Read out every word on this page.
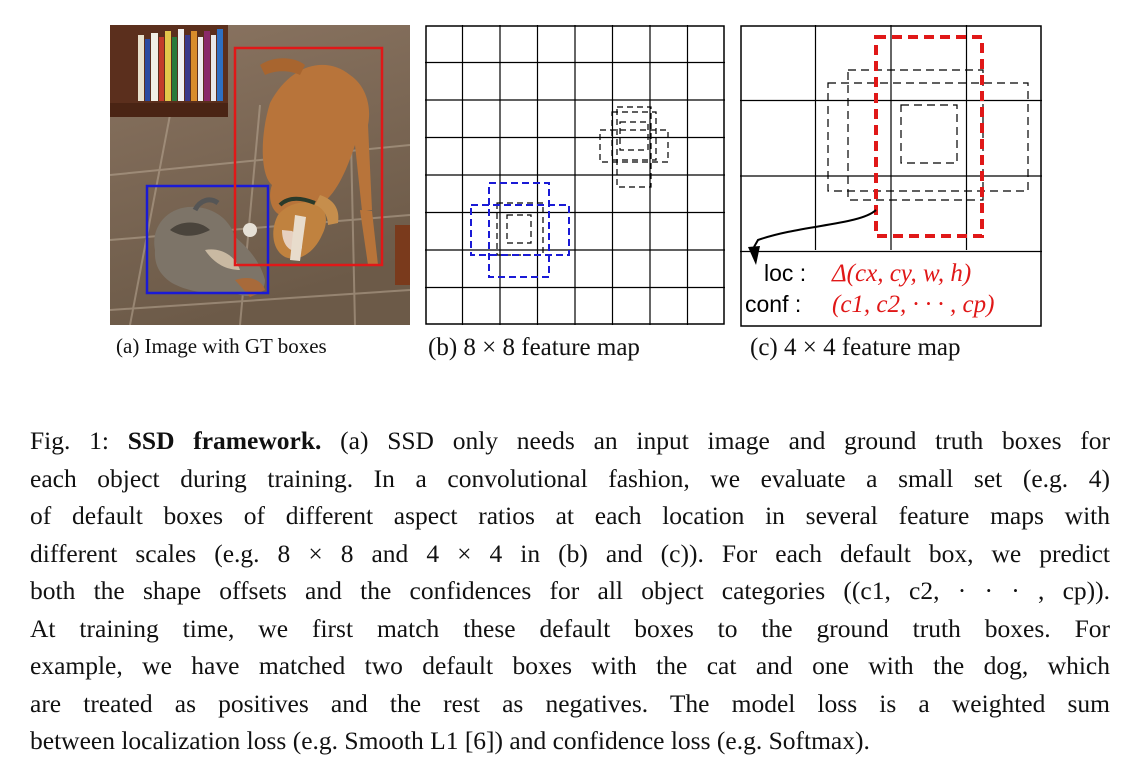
loc : Δ(cx, cy, w, h)
conf : (c1, c2, · · · , cp)
(a) Image with GT boxes	(b) 8 × 8 feature map	(c) 4 × 4 feature map
Fig. 1: SSD framework. (a) SSD only needs an input image and ground truth boxes for
each object during training. In a convolutional fashion, we evaluate a small set (e.g. 4)
of default boxes of different aspect ratios at each location in several feature maps with
different scales (e.g. 8 × 8 and 4 × 4 in (b) and (c)). For each default box, we predict
both the shape offsets and the confidences for all object categories ((c1, c2, · · · , cp)).
At training time, we first match these default boxes to the ground truth boxes. For
example, we have matched two default boxes with the cat and one with the dog, which
are treated as positives and the rest as negatives. The model loss is a weighted sum
between localization loss (e.g. Smooth L1 [6]) and confidence loss (e.g. Softmax).
